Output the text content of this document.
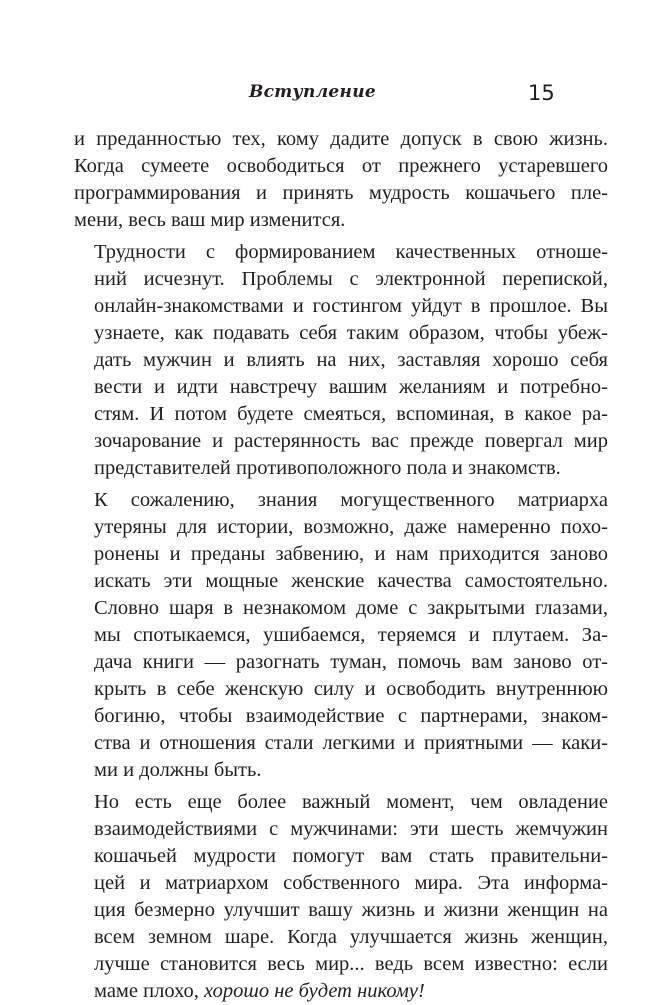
Вступление	15

и преданностью тех, кому дадите допуск в свою жизнь.
Когда сумеете освободиться от прежнего устаревшего
программирования и принять мудрость кошачьего пле-
мени, весь ваш мир изменится.

Трудности с формированием качественных отноше-
ний исчезнут. Проблемы с электронной перепиской,
онлайн-знакомствами и гостингом уйдут в прошлое. Вы
узнаете, как подавать себя таким образом, чтобы убеж-
дать мужчин и влиять на них, заставляя хорошо себя
вести и идти навстречу вашим желаниям и потребно-
стям. И потом будете смеяться, вспоминая, в какое ра-
зочарование и растерянность вас прежде повергал мир
представителей противоположного пола и знакомств.

К сожалению, знания могущественного матриарха
утеряны для истории, возможно, даже намеренно похо-
ронены и преданы забвению, и нам приходится заново
искать эти мощные женские качества самостоятельно.
Словно шаря в незнакомом доме с закрытыми глазами,
мы спотыкаемся, ушибаемся, теряемся и плутаем. За-
дача книги — разогнать туман, помочь вам заново от-
крыть в себе женскую силу и освободить внутреннюю
богиню, чтобы взаимодействие с партнерами, знаком-
ства и отношения стали легкими и приятными — каки-
ми и должны быть.

Но есть еще более важный момент, чем овладение
взаимодействиями с мужчинами: эти шесть жемчужин
кошачьей мудрости помогут вам стать правительни-
цей и матриархом собственного мира. Эта информа-
ция безмерно улучшит вашу жизнь и жизни женщин на
всем земном шаре. Когда улучшается жизнь женщин,
лучше становится весь мир... ведь всем известно: если
маме плохо, хорошо не будет никому!
